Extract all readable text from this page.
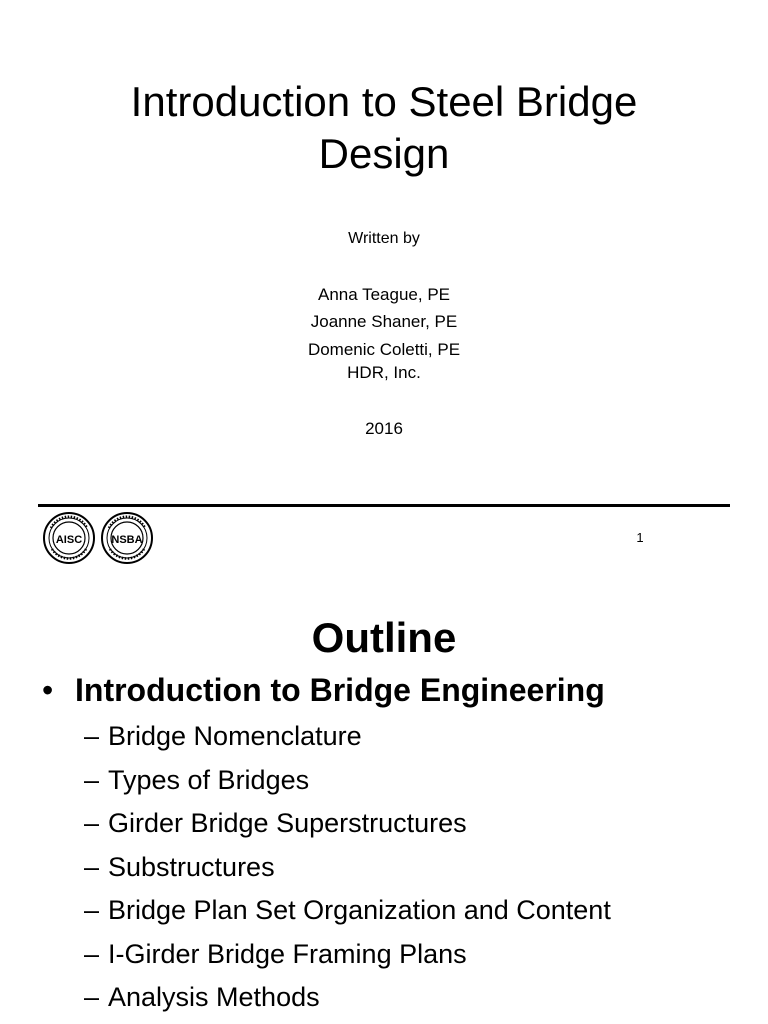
Introduction to Steel Bridge
Design
Written by
Anna Teague, PE
Joanne Shaner, PE
Domenic Coletti, PE
HDR, Inc.
2016
AISC	NSBA	1
Outline
• Introduction to Bridge Engineering
– Bridge Nomenclature
– Types of Bridges
– Girder Bridge Superstructures
– Substructures
– Bridge Plan Set Organization and Content
– I-Girder Bridge Framing Plans
– Analysis Methods
